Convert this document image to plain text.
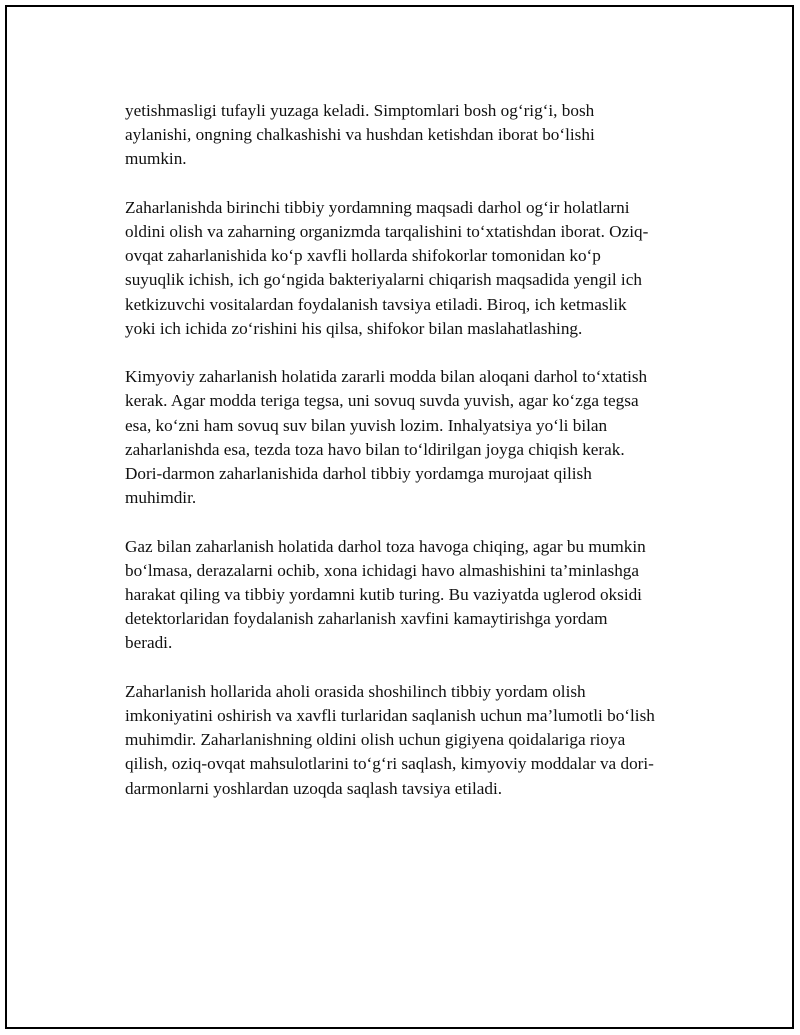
yetishmasligi tufayli yuzaga keladi. Simptomlari bosh og‘rig‘i, bosh
aylanishi, ongning chalkashishi va hushdan ketishdan iborat bo‘lishi
mumkin.

Zaharlanishda birinchi tibbiy yordamning maqsadi darhol og‘ir holatlarni
oldini olish va zaharning organizmda tarqalishini to‘xtatishdan iborat. Oziq-
ovqat zaharlanishida ko‘p xavfli hollarda shifokorlar tomonidan ko‘p
suyuqlik ichish, ich go‘ngida bakteriyalarni chiqarish maqsadida yengil ich
ketkizuvchi vositalardan foydalanish tavsiya etiladi. Biroq, ich ketmaslik
yoki ich ichida zo‘rishini his qilsa, shifokor bilan maslahatlashing.

Kimyoviy zaharlanish holatida zararli modda bilan aloqani darhol to‘xtatish
kerak. Agar modda teriga tegsa, uni sovuq suvda yuvish, agar ko‘zga tegsa
esa, ko‘zni ham sovuq suv bilan yuvish lozim. Inhalyatsiya yo‘li bilan
zaharlanishda esa, tezda toza havo bilan to‘ldirilgan joyga chiqish kerak.
Dori-darmon zaharlanishida darhol tibbiy yordamga murojaat qilish
muhimdir.

Gaz bilan zaharlanish holatida darhol toza havoga chiqing, agar bu mumkin
bo‘lmasa, derazalarni ochib, xona ichidagi havo almashishini ta’minlashga
harakat qiling va tibbiy yordamni kutib turing. Bu vaziyatda uglerod oksidi
detektorlaridan foydalanish zaharlanish xavfini kamaytirishga yordam
beradi.

Zaharlanish hollarida aholi orasida shoshilinch tibbiy yordam olish
imkoniyatini oshirish va xavfli turlaridan saqlanish uchun ma’lumotli bo‘lish
muhimdir. Zaharlanishning oldini olish uchun gigiyena qoidalariga rioya
qilish, oziq-ovqat mahsulotlarini to‘g‘ri saqlash, kimyoviy moddalar va dori-
darmonlarni yoshlardan uzoqda saqlash tavsiya etiladi.
